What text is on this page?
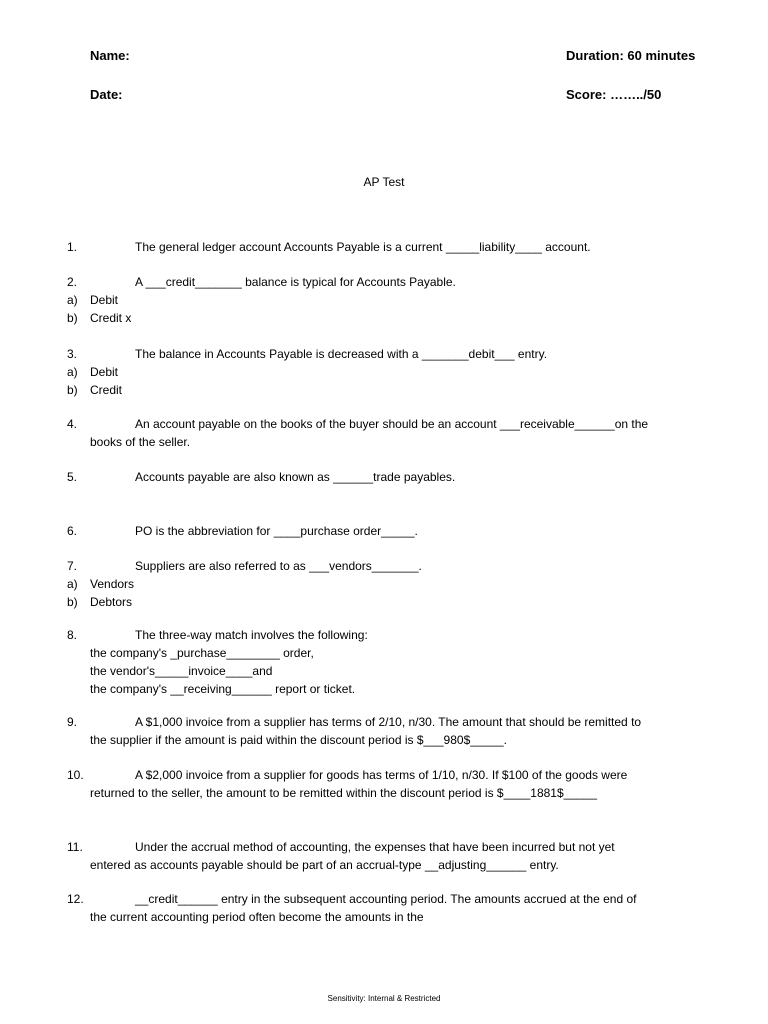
Name:	Duration: 60 minutes
Date:	Score: ……../50
AP Test
1.	The general ledger account Accounts Payable is a current _____liability____ account.
2.	A ___credit_______ balance is typical for Accounts Payable.
a) Debit
b) Credit x
3.	The balance in Accounts Payable is decreased with a _______debit___ entry.
a) Debit
b) Credit
4.	An account payable on the books of the buyer should be an account ___receivable______on the
books of the seller.
5.	Accounts payable are also known as ______trade payables.
6.	PO is the abbreviation for ____purchase order_____.
7.	Suppliers are also referred to as ___vendors_______.
a) Vendors
b) Debtors
8.	The three-way match involves the following:
the company's _purchase________ order,
the vendor's_____invoice____and
the company's __receiving______ report or ticket.
9.	A $1,000 invoice from a supplier has terms of 2/10, n/30. The amount that should be remitted to
the supplier if the amount is paid within the discount period is $___980$_____.
10.	A $2,000 invoice from a supplier for goods has terms of 1/10, n/30. If $100 of the goods were
returned to the seller, the amount to be remitted within the discount period is $____1881$_____
11.	Under the accrual method of accounting, the expenses that have been incurred but not yet
entered as accounts payable should be part of an accrual-type __adjusting______ entry.
12.	__credit______ entry in the subsequent accounting period. The amounts accrued at the end of
the current accounting period often become the amounts in the
Sensitivity: Internal & Restricted
